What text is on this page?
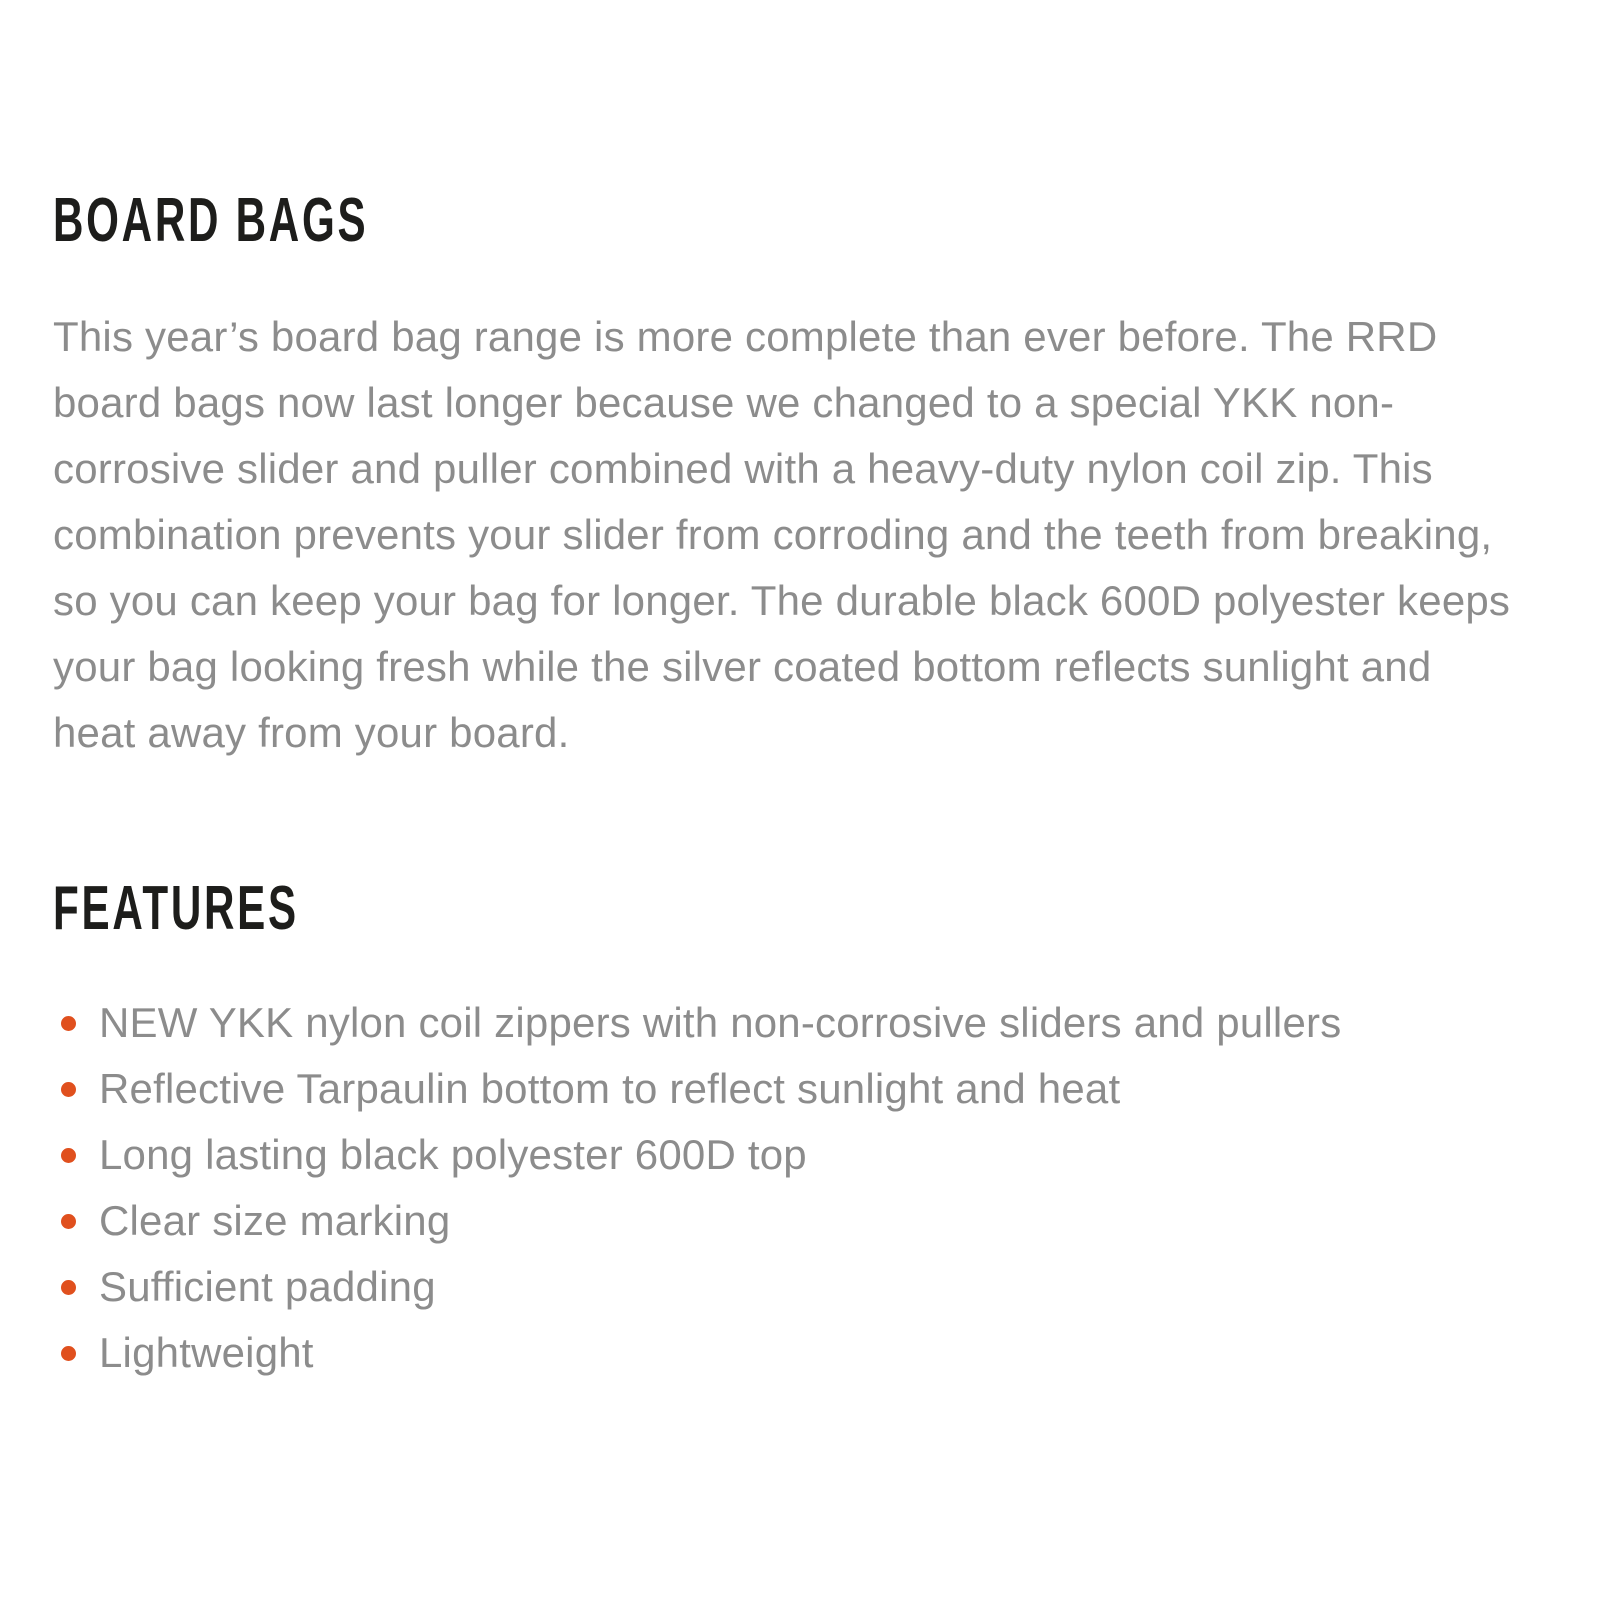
BOARD BAGS

This year’s board bag range is more complete than ever before. The RRD board bags now last longer because we changed to a special YKK non-corrosive slider and puller combined with a heavy-duty nylon coil zip. This combination prevents your slider from corroding and the teeth from breaking, so you can keep your bag for longer. The durable black 600D polyester keeps your bag looking fresh while the silver coated bottom reflects sunlight and heat away from your board.

FEATURES
NEW YKK nylon coil zippers with non-corrosive sliders and pullers
Reflective Tarpaulin bottom to reflect sunlight and heat
Long lasting black polyester 600D top
Clear size marking
Sufficient padding
Lightweight
